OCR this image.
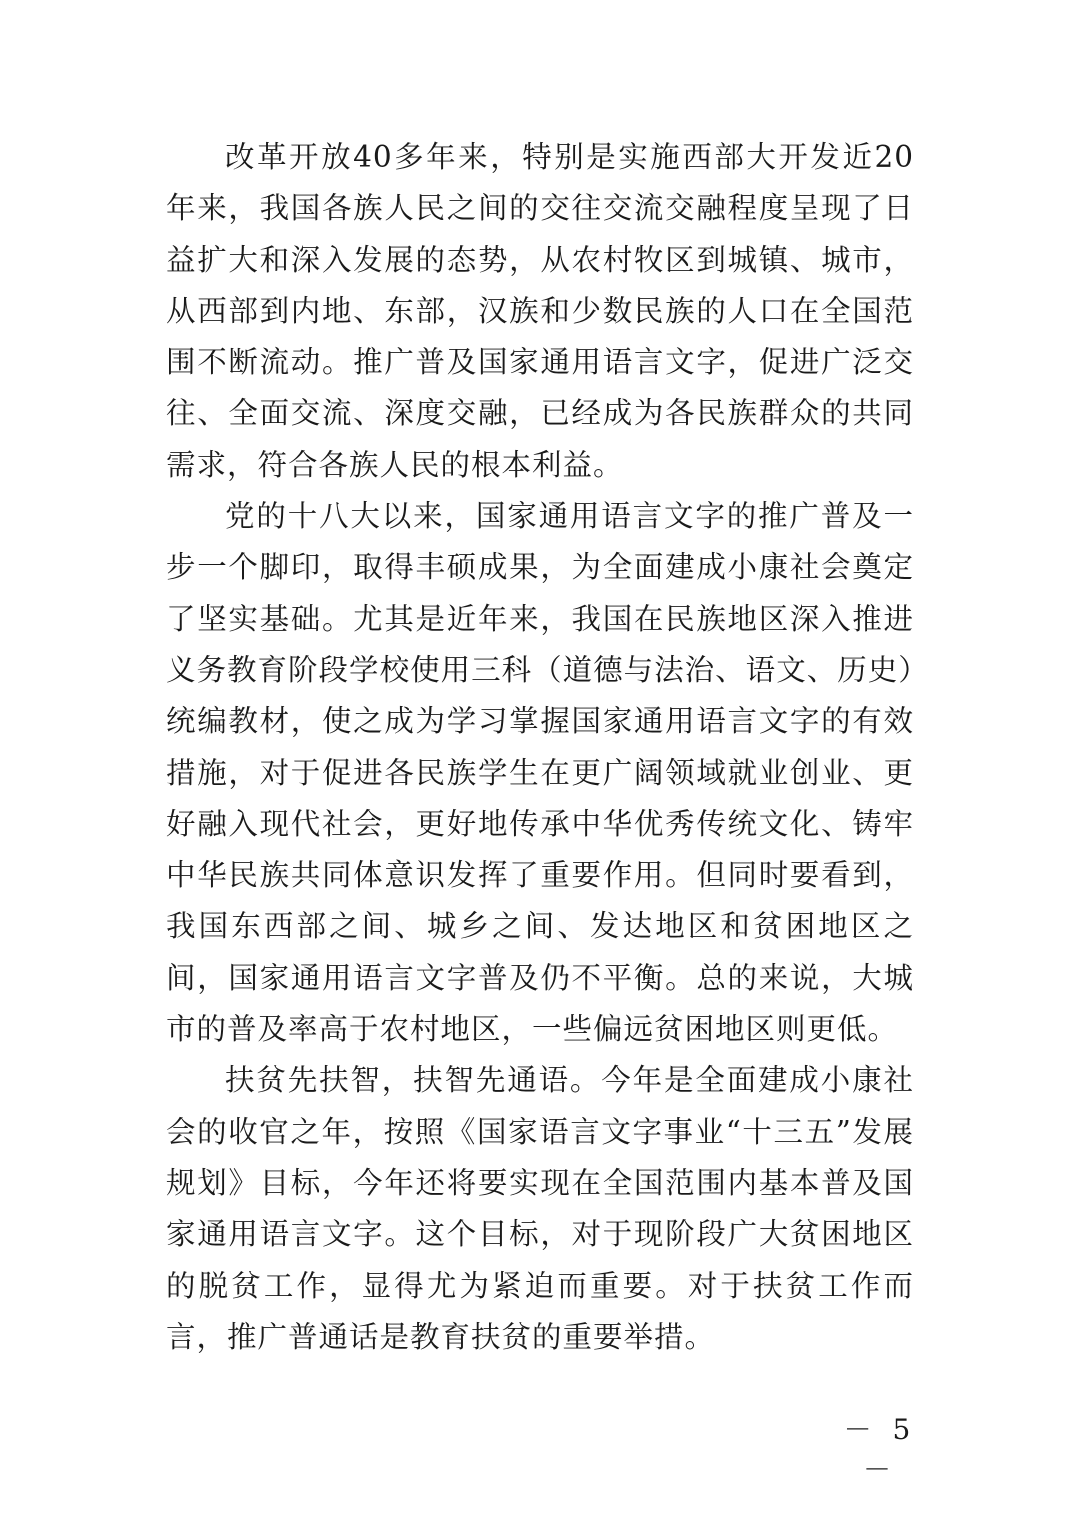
改革开放40多年来，特别是实施西部大开发近20年来，我国各族人民之间的交往交流交融程度呈现了日益扩大和深入发展的态势，从农村牧区到城镇、城市，从西部到内地、东部，汉族和少数民族的人口在全国范围不断流动。推广普及国家通用语言文字，促进广泛交往、全面交流、深度交融，已经成为各民族群众的共同需求，符合各族人民的根本利益。

党的十八大以来，国家通用语言文字的推广普及一步一个脚印，取得丰硕成果，为全面建成小康社会奠定了坚实基础。尤其是近年来，我国在民族地区深入推进义务教育阶段学校使用三科（道德与法治、语文、历史）统编教材，使之成为学习掌握国家通用语言文字的有效措施，对于促进各民族学生在更广阔领域就业创业、更好融入现代社会，更好地传承中华优秀传统文化、铸牢中华民族共同体意识发挥了重要作用。但同时要看到，我国东西部之间、城乡之间、发达地区和贫困地区之间，国家通用语言文字普及仍不平衡。总的来说，大城市的普及率高于农村地区，一些偏远贫困地区则更低。

扶贫先扶智，扶智先通语。今年是全面建成小康社会的收官之年，按照《国家语言文字事业“十三五”发展规划》目标，今年还将要实现在全国范围内基本普及国家通用语言文字。这个目标，对于现阶段广大贫困地区的脱贫工作，显得尤为紧迫而重要。对于扶贫工作而言，推广普通话是教育扶贫的重要举措。

－ 5 －
